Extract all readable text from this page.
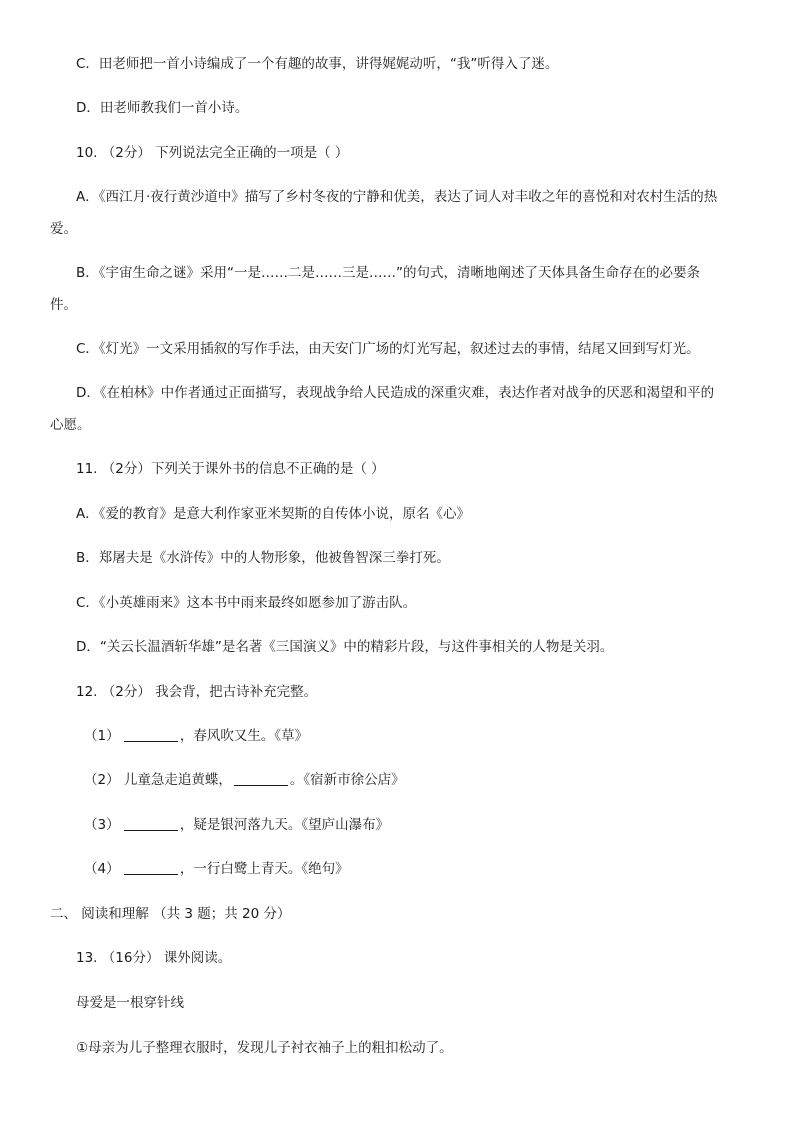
C．田老师把一首小诗编成了一个有趣的故事，讲得娓娓动听，“我”听得入了迷。
D．田老师教我们一首小诗。
10. （2分） 下列说法完全正确的一项是（ ）
A．《西江月·夜行黄沙道中》描写了乡村冬夜的宁静和优美，表达了词人对丰收之年的喜悦和对农村生活的热
爱。
B．《宇宙生命之谜》采用“一是……二是……三是……”的句式，清晰地阐述了天体具备生命存在的必要条
件。
C．《灯光》一文采用插叙的写作手法，由天安门广场的灯光写起，叙述过去的事情，结尾又回到写灯光。
D．《在柏林》中作者通过正面描写，表现战争给人民造成的深重灾难，表达作者对战争的厌恶和渴望和平的
心愿。
11. （2分）下列关于课外书的信息不正确的是（ ）
A．《爱的教育》是意大利作家亚米契斯的自传体小说，原名《心》
B．郑屠夫是《水浒传》中的人物形象，他被鲁智深三拳打死。
C．《小英雄雨来》这本书中雨来最终如愿参加了游击队。
D．“关云长温酒斩华雄”是名著《三国演义》中的精彩片段，与这件事相关的人物是关羽。
12. （2分） 我会背，把古诗补充完整。
（1）	，春风吹又生。《草》
（2） 儿童急走追黄蝶，	。《宿新市徐公店》
（3）	，疑是银河落九天。《望庐山瀑布》
（4）	，一行白鹭上青天。《绝句》
二、 阅读和理解 （共 3 题；共 20 分）
13. （16分） 课外阅读。
母爱是一根穿针线
①母亲为儿子整理衣服时，发现儿子衬衣袖子上的粗扣松动了。
